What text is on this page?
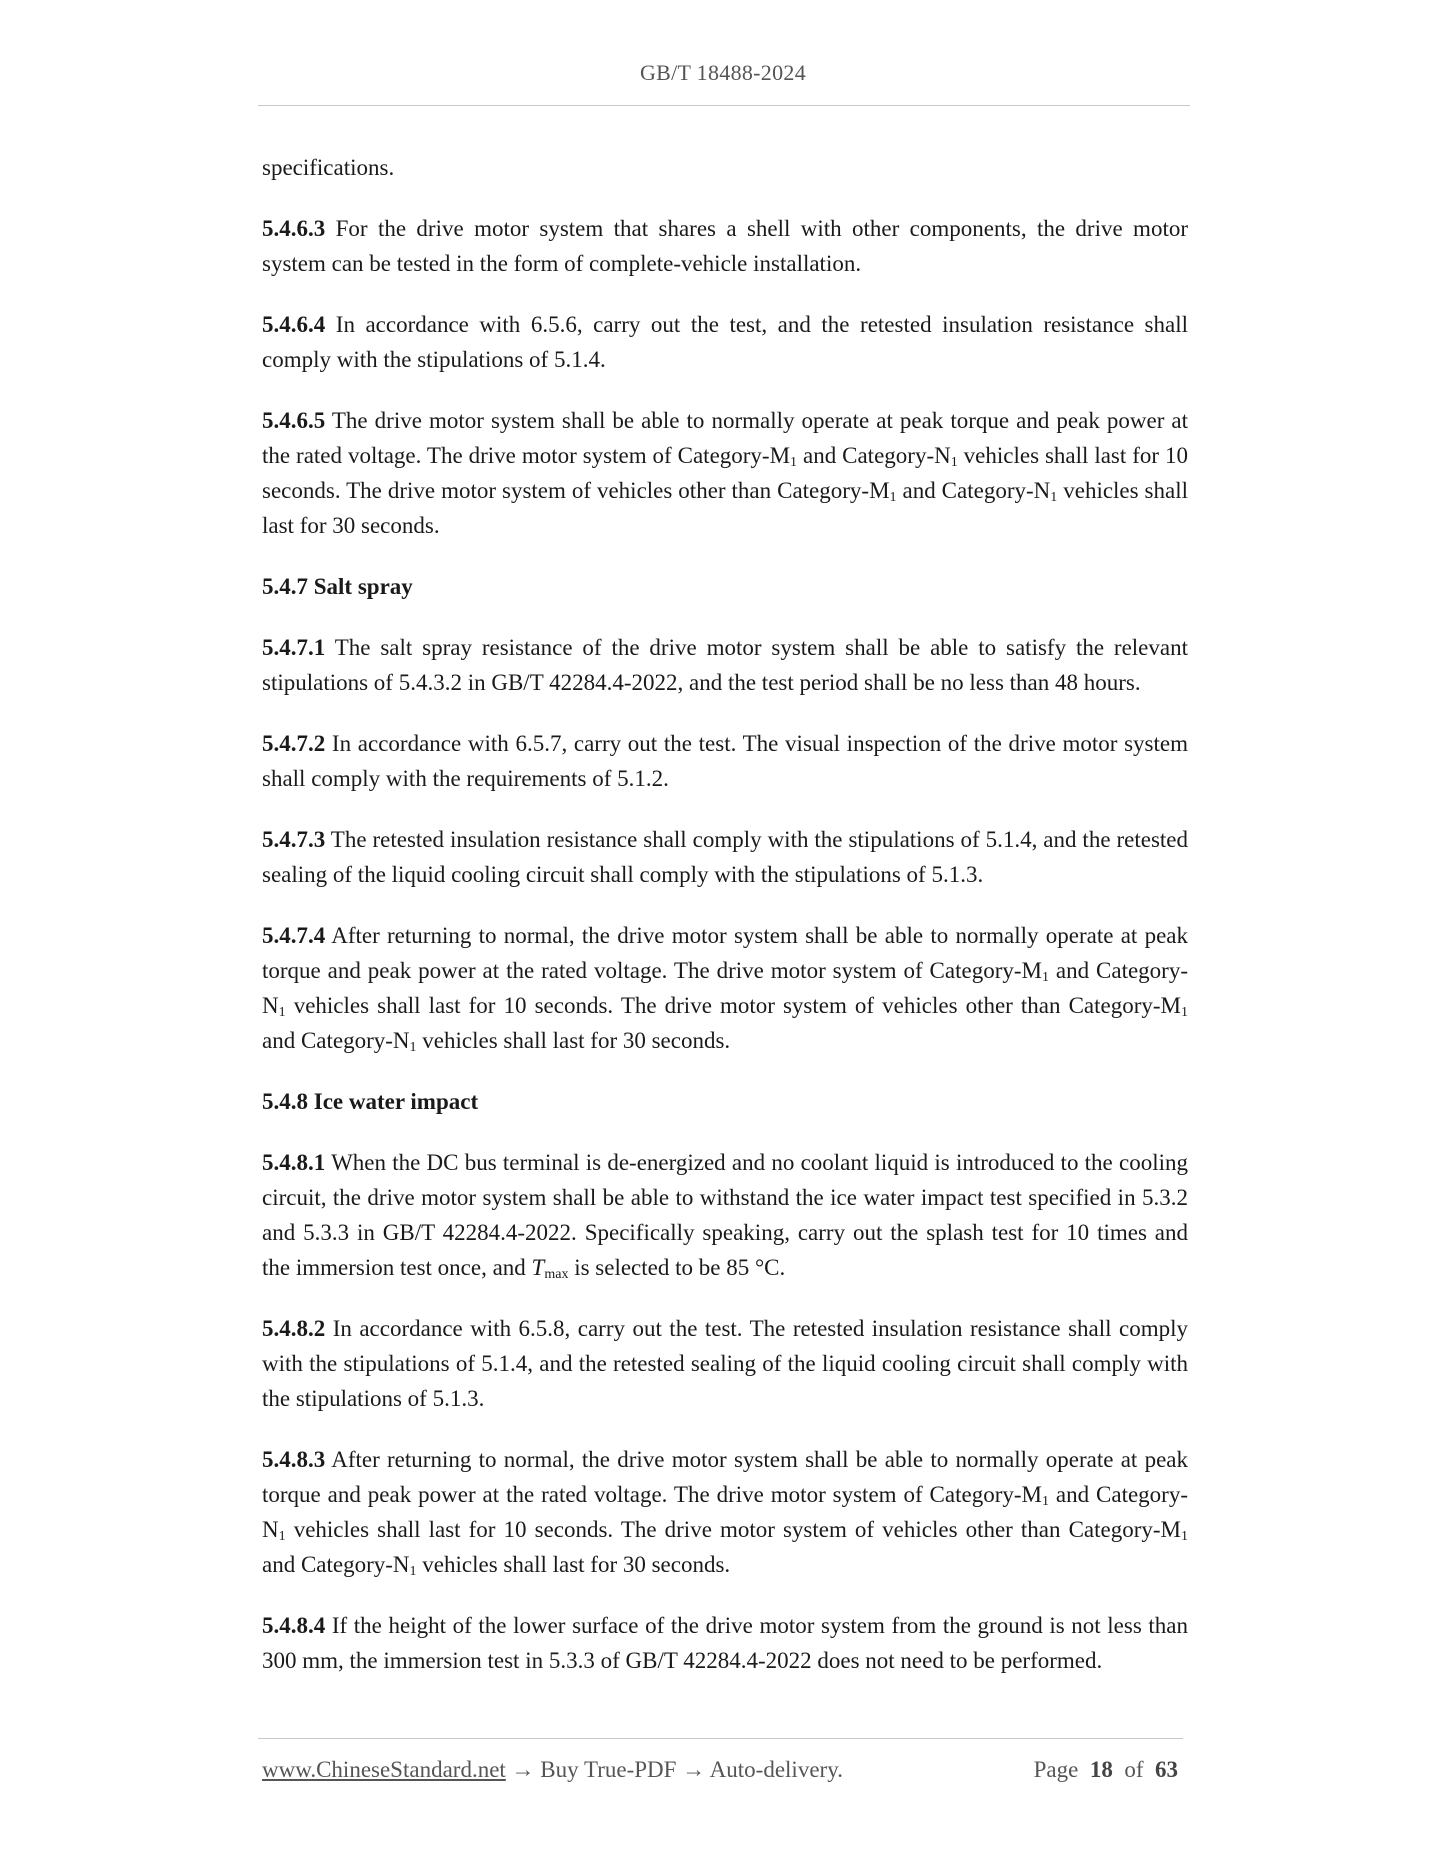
GB/T 18488-2024

specifications.

5.4.6.3 For the drive motor system that shares a shell with other components, the drive motor system can be tested in the form of complete-vehicle installation.

5.4.6.4 In accordance with 6.5.6, carry out the test, and the retested insulation resistance shall comply with the stipulations of 5.1.4.

5.4.6.5 The drive motor system shall be able to normally operate at peak torque and peak power at the rated voltage. The drive motor system of Category-$M_1$ and Category-$N_1$ vehicles shall last for 10 seconds. The drive motor system of vehicles other than Category-$M_1$ and Category-$N_1$ vehicles shall last for 30 seconds.

5.4.7 Salt spray

5.4.7.1 The salt spray resistance of the drive motor system shall be able to satisfy the relevant stipulations of 5.4.3.2 in GB/T 42284.4-2022, and the test period shall be no less than 48 hours.

5.4.7.2 In accordance with 6.5.7, carry out the test. The visual inspection of the drive motor system shall comply with the requirements of 5.1.2.

5.4.7.3 The retested insulation resistance shall comply with the stipulations of 5.1.4, and the retested sealing of the liquid cooling circuit shall comply with the stipulations of 5.1.3.

5.4.7.4 After returning to normal, the drive motor system shall be able to normally operate at peak torque and peak power at the rated voltage. The drive motor system of Category-$M_1$ and Category-$N_1$ vehicles shall last for 10 seconds. The drive motor system of vehicles other than Category-$M_1$ and Category-$N_1$ vehicles shall last for 30 seconds.

5.4.8 Ice water impact

5.4.8.1 When the DC bus terminal is de-energized and no coolant liquid is introduced to the cooling circuit, the drive motor system shall be able to withstand the ice water impact test specified in 5.3.2 and 5.3.3 in GB/T 42284.4-2022. Specifically speaking, carry out the splash test for 10 times and the immersion test once, and $T_{max}$ is selected to be 85 °C.

5.4.8.2 In accordance with 6.5.8, carry out the test. The retested insulation resistance shall comply with the stipulations of 5.1.4, and the retested sealing of the liquid cooling circuit shall comply with the stipulations of 5.1.3.

5.4.8.3 After returning to normal, the drive motor system shall be able to normally operate at peak torque and peak power at the rated voltage. The drive motor system of Category-$M_1$ and Category-$N_1$ vehicles shall last for 10 seconds. The drive motor system of vehicles other than Category-$M_1$ and Category-$N_1$ vehicles shall last for 30 seconds.

5.4.8.4 If the height of the lower surface of the drive motor system from the ground is not less than 300 mm, the immersion test in 5.3.3 of GB/T 42284.4-2022 does not need to be performed.

www.ChineseStandard.net → Buy True-PDF → Auto-delivery.	Page 18 of 63
